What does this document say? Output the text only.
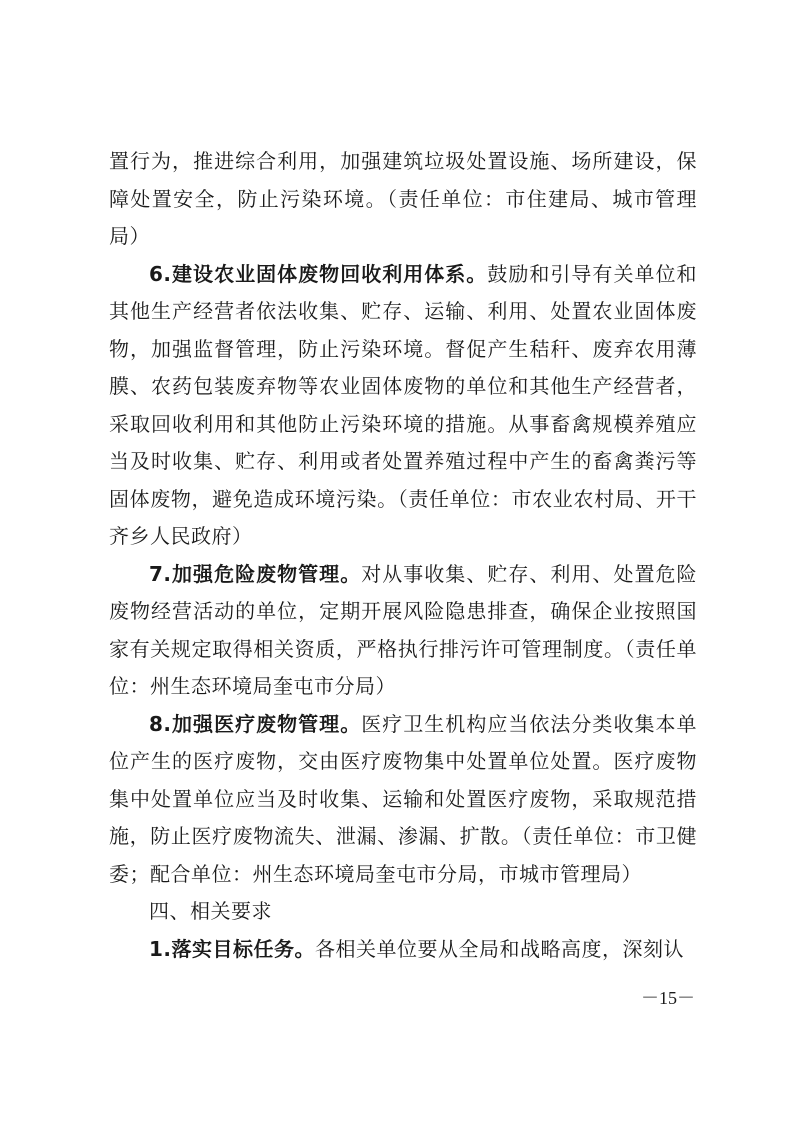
置行为，推进综合利用，加强建筑垃圾处置设施、场所建设，保障处置安全，防止污染环境。（责任单位：市住建局、城市管理局）

6.建设农业固体废物回收利用体系。鼓励和引导有关单位和其他生产经营者依法收集、贮存、运输、利用、处置农业固体废物，加强监督管理，防止污染环境。督促产生秸秆、废弃农用薄膜、农药包装废弃物等农业固体废物的单位和其他生产经营者，采取回收利用和其他防止污染环境的措施。从事畜禽规模养殖应当及时收集、贮存、利用或者处置养殖过程中产生的畜禽粪污等固体废物，避免造成环境污染。（责任单位：市农业农村局、开干齐乡人民政府）

7.加强危险废物管理。对从事收集、贮存、利用、处置危险废物经营活动的单位，定期开展风险隐患排查，确保企业按照国家有关规定取得相关资质，严格执行排污许可管理制度。（责任单位：州生态环境局奎屯市分局）

8.加强医疗废物管理。医疗卫生机构应当依法分类收集本单位产生的医疗废物，交由医疗废物集中处置单位处置。医疗废物集中处置单位应当及时收集、运输和处置医疗废物，采取规范措施，防止医疗废物流失、泄漏、渗漏、扩散。（责任单位：市卫健委；配合单位：州生态环境局奎屯市分局，市城市管理局）

四、相关要求

1.落实目标任务。各相关单位要从全局和战略高度，深刻认

－15－
